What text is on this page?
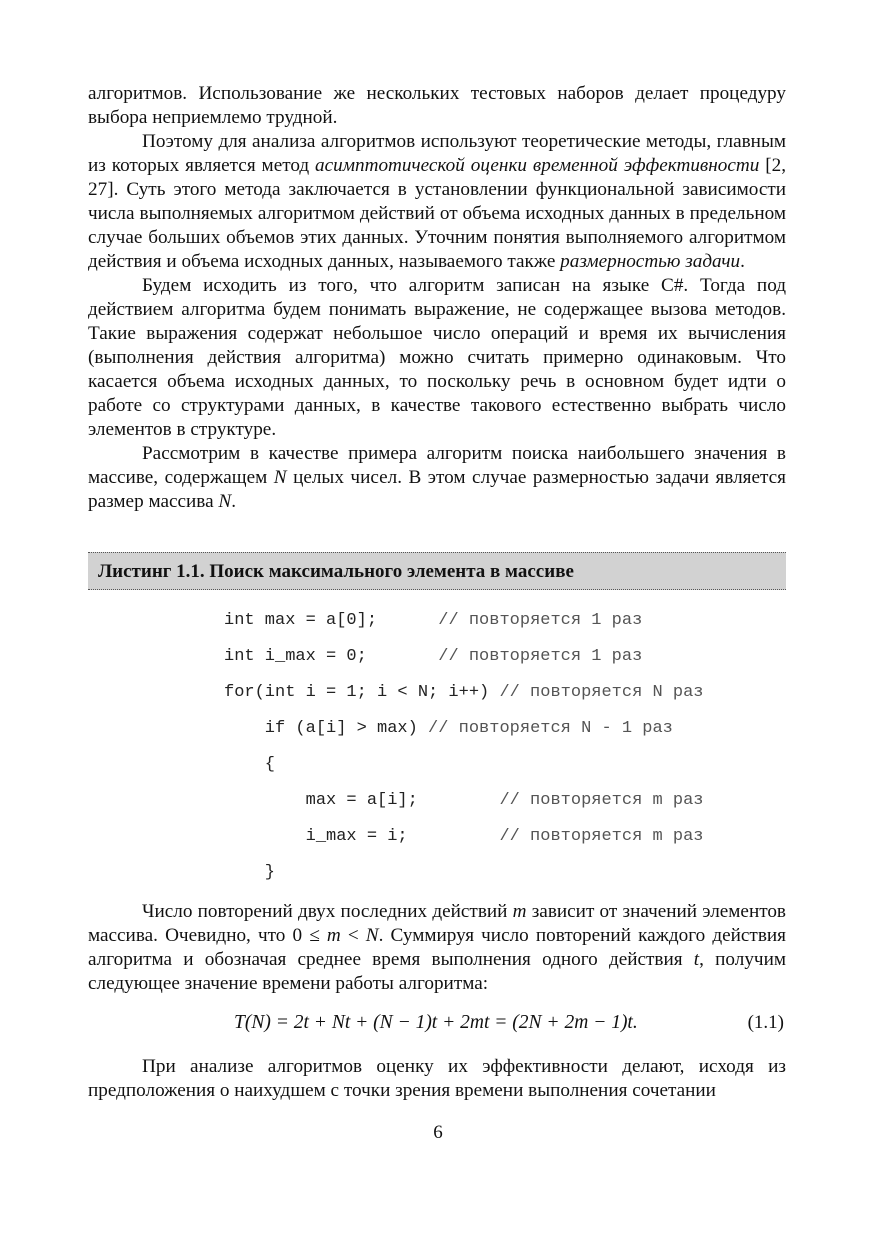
алгоритмов. Использование же нескольких тестовых наборов делает процедуру выбора неприемлемо трудной.

Поэтому для анализа алгоритмов используют теоретические методы, главным из которых является метод асимптотической оценки временной эффективности [2, 27]. Суть этого метода заключается в установлении функциональной зависимости числа выполняемых алгоритмом действий от объема исходных данных в предельном случае больших объемов этих данных. Уточним понятия выполняемого алгоритмом действия и объема исходных данных, называемого также размерностью задачи.

Будем исходить из того, что алгоритм записан на языке C#. Тогда под действием алгоритма будем понимать выражение, не содержащее вызова методов. Такие выражения содержат небольшое число операций и время их вычисления (выполнения действия алгоритма) можно считать примерно одинаковым. Что касается объема исходных данных, то поскольку речь в основном будет идти о работе со структурами данных, в качестве такового естественно выбрать число элементов в структуре.

Рассмотрим в качестве примера алгоритм поиска наибольшего значения в массиве, содержащем N целых чисел. В этом случае размерностью задачи является размер массива N.

Листинг 1.1. Поиск максимального элемента в массиве
int max = a[0];      // повторяется 1 раз
int i_max = 0;       // повторяется 1 раз
for(int i = 1; i < N; i++) // повторяется N раз
if (a[i] > max) // повторяется N - 1 раз
{
max = a[i];        // повторяется m раз
i_max = i;         // повторяется m раз
}

Число повторений двух последних действий m зависит от значений элементов массива. Очевидно, что 0 ≤ m < N. Суммируя число повторений каждого действия алгоритма и обозначая среднее время выполнения одного действия t, получим следующее значение времени работы алгоритма:

T(N) = 2t + Nt + (N − 1)t + 2mt = (2N + 2m − 1)t.	(1.1)

При анализе алгоритмов оценку их эффективности делают, исходя из предположения о наихудшем с точки зрения времени выполнения сочетании

6
